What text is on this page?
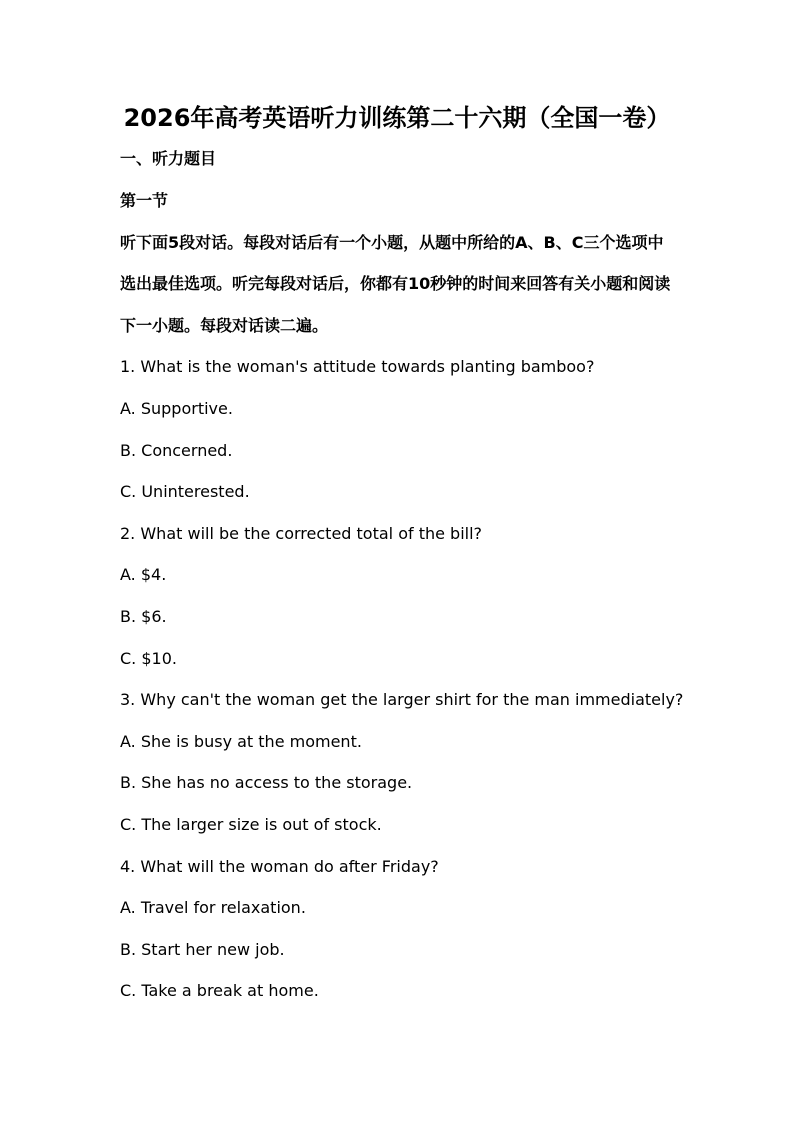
2026年高考英语听力训练第二十六期（全国一卷）
一、听力题目
第一节
听下面5段对话。每段对话后有一个小题，从题中所给的A、B、C三个选项中
选出最佳选项。听完每段对话后，你都有10秒钟的时间来回答有关小题和阅读
下一小题。每段对话读二遍。
1. What is the woman's attitude towards planting bamboo?
A. Supportive.
B. Concerned.
C. Uninterested.
2. What will be the corrected total of the bill?
A. $4.
B. $6.
C. $10.
3. Why can't the woman get the larger shirt for the man immediately?
A. She is busy at the moment.
B. She has no access to the storage.
C. The larger size is out of stock.
4. What will the woman do after Friday?
A. Travel for relaxation.
B. Start her new job.
C. Take a break at home.
